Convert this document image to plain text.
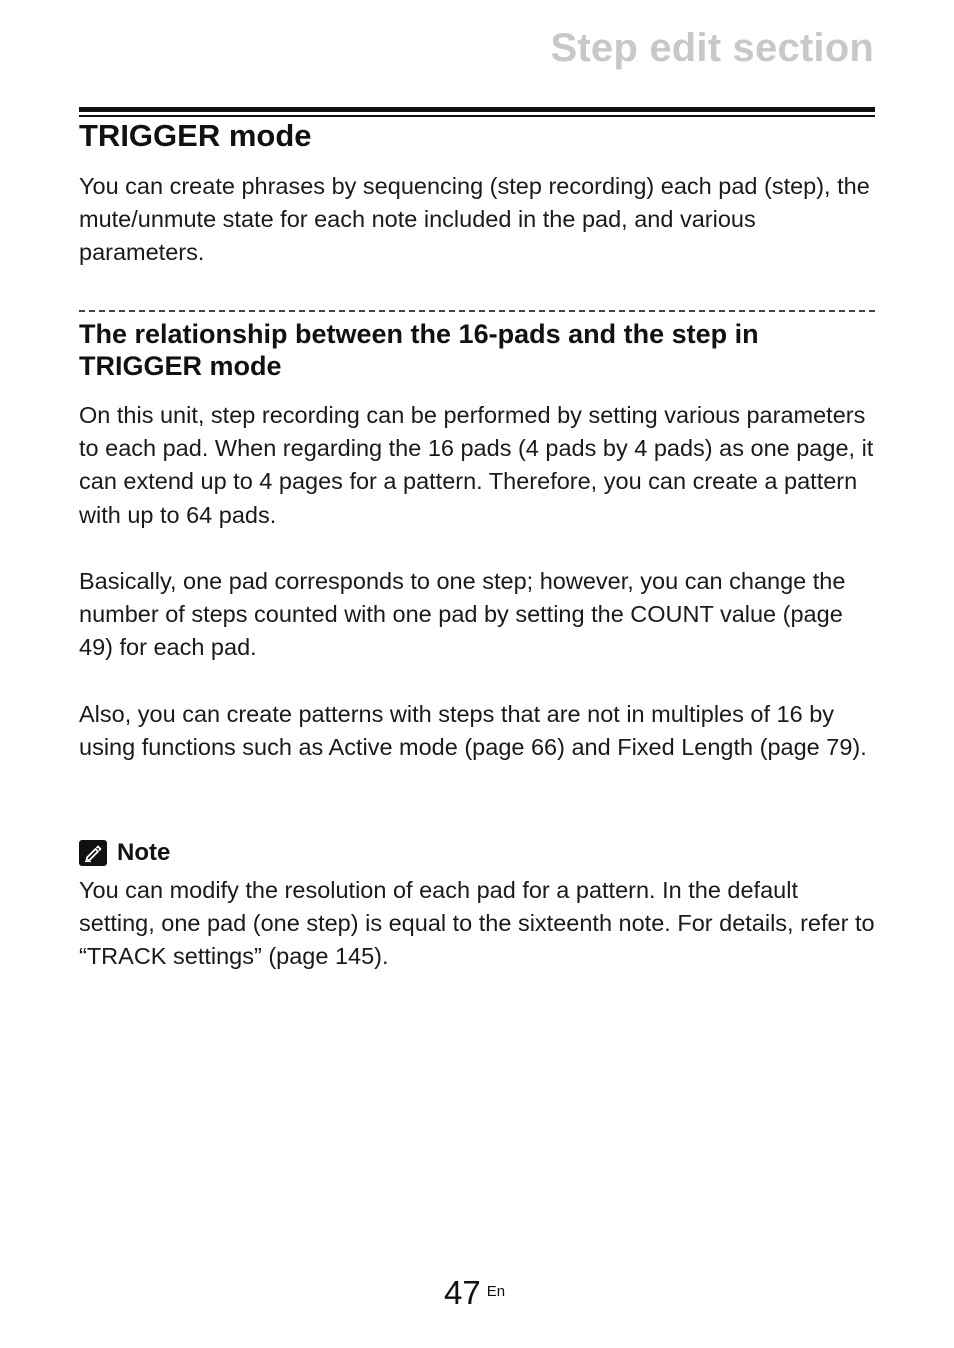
Step edit section
TRIGGER mode

You can create phrases by sequencing (step recording) each pad (step), the mute/unmute state for each note included in the pad, and various parameters.

The relationship between the 16-pads and the step in TRIGGER mode

On this unit, step recording can be performed by setting various parameters to each pad. When regarding the 16 pads (4 pads by 4 pads) as one page, it can extend up to 4 pages for a pattern. Therefore, you can create a pattern with up to 64 pads.

Basically, one pad corresponds to one step; however, you can change the number of steps counted with one pad by setting the COUNT value (page 49) for each pad.

Also, you can create patterns with steps that are not in multiples of 16 by using functions such as Active mode (page 66) and Fixed Length (page 79).

Note

You can modify the resolution of each pad for a pattern. In the default setting, one pad (one step) is equal to the sixteenth note. For details, refer to “TRACK settings” (page 145).

47 En
